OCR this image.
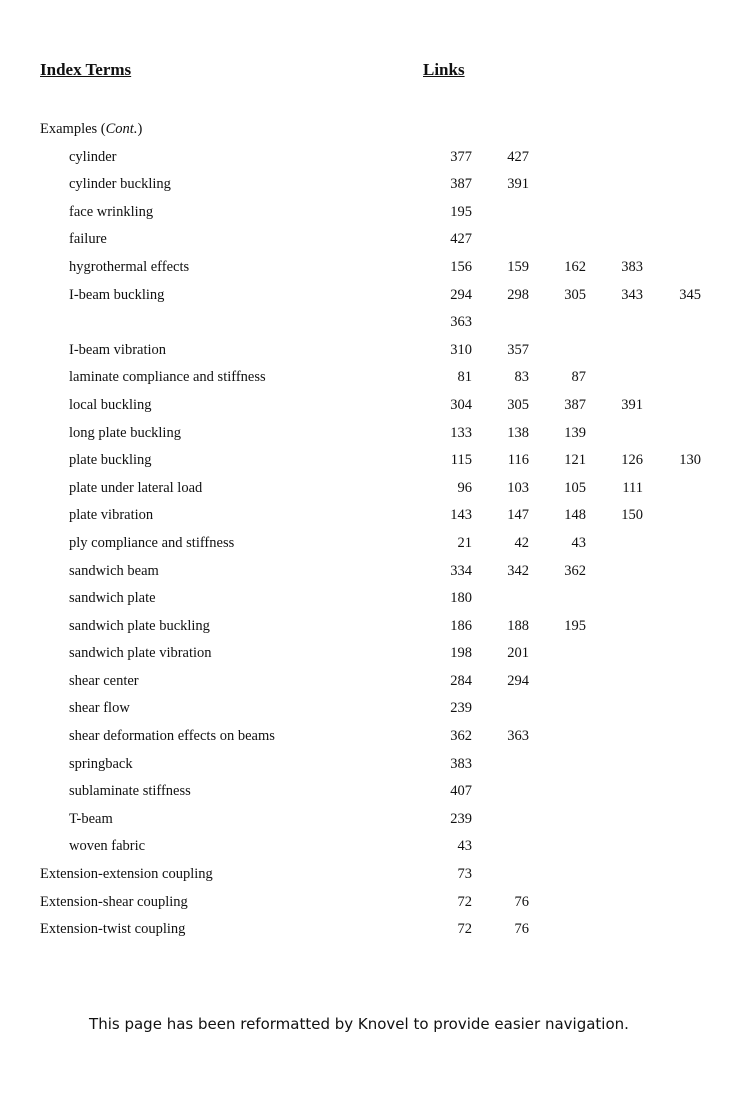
Index Terms	Links
Examples (Cont.)
cylinder	377	427
cylinder buckling	387	391
face wrinkling	195
failure	427
hygrothermal effects	156	159	162	383
I-beam buckling	294	298	305	343	345
363
I-beam vibration	310	357
laminate compliance and stiffness	81	83	87
local buckling	304	305	387	391
long plate buckling	133	138	139
plate buckling	115	116	121	126	130
plate under lateral load	96	103	105	111
plate vibration	143	147	148	150
ply compliance and stiffness	21	42	43
sandwich beam	334	342	362
sandwich plate	180
sandwich plate buckling	186	188	195
sandwich plate vibration	198	201
shear center	284	294
shear flow	239
shear deformation effects on beams	362	363
springback	383
sublaminate stiffness	407
T-beam	239
woven fabric	43
Extension-extension coupling	73
Extension-shear coupling	72	76
Extension-twist coupling	72	76
This page has been reformatted by Knovel to provide easier navigation.
